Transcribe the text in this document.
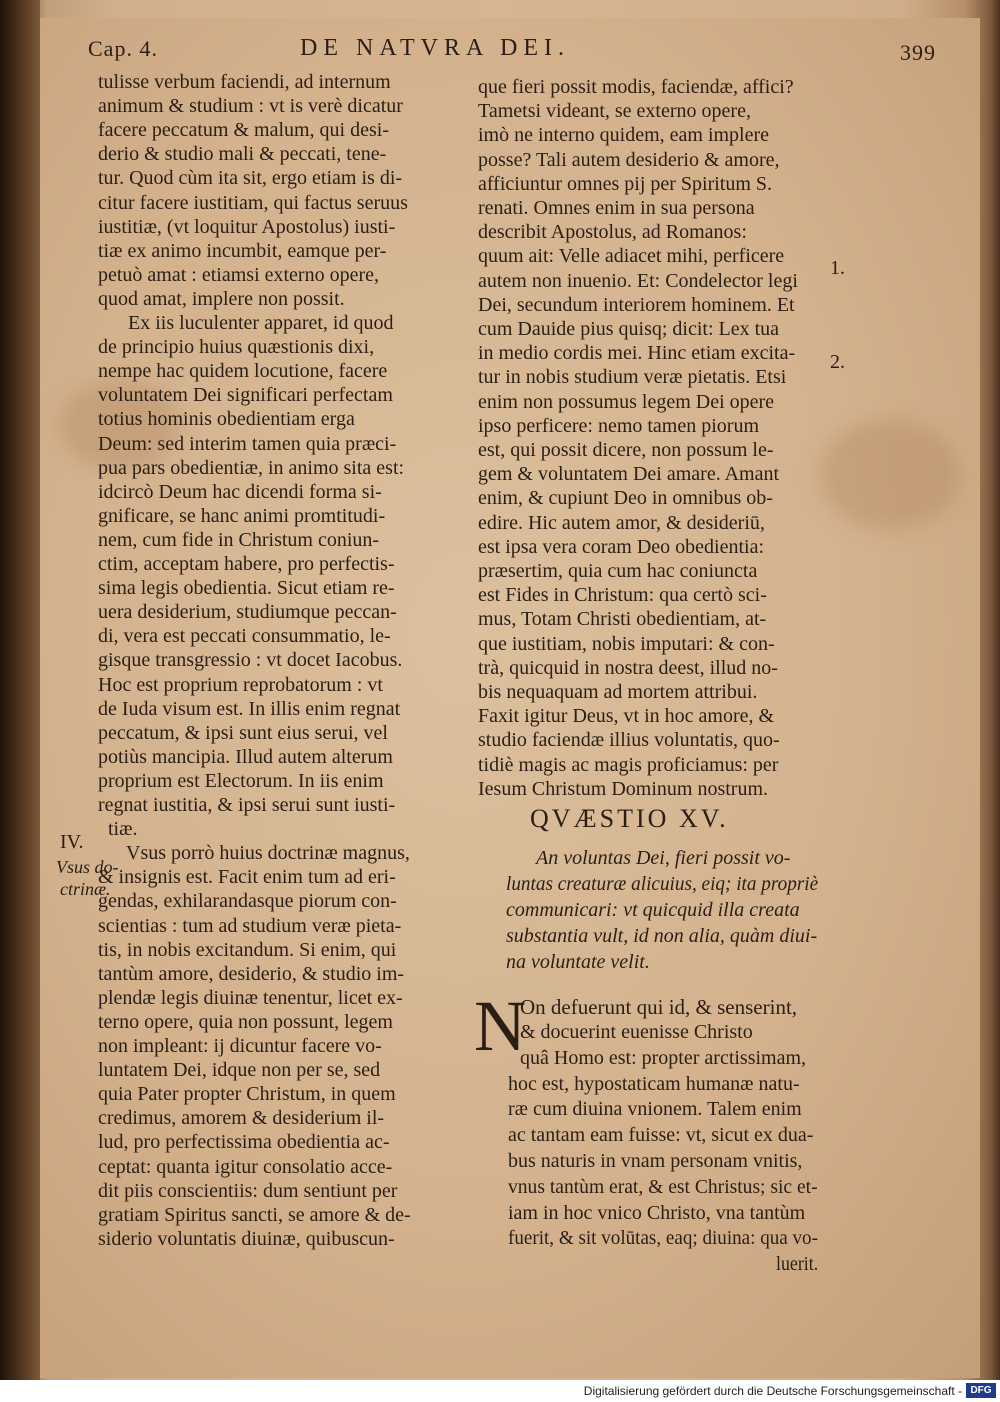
Cap. 4.	DE NATVRA DEI.	399
tulisse verbum faciendi, ad internum
animum & studium : vt is verè dicatur
facere peccatum & malum, qui desi-
derio & studio mali & peccati, tene-
tur. Quod cùm ita sit, ergo etiam is di-
citur facere iustitiam, qui factus seruus
iustitiæ, (vt loquitur Apostolus) iusti-
tiæ ex animo incumbit, eamque per-
petuò amat : etiamsi externo opere,
quod amat, implere non possit.
Ex iis luculenter apparet, id quod
de principio huius quæstionis dixi,
nempe hac quidem locutione, facere
voluntatem Dei significari perfectam
totius hominis obedientiam erga
Deum: sed interim tamen quia præci-
pua pars obedientiæ, in animo sita est:
idcircò Deum hac dicendi forma si-
gnificare, se hanc animi promtitudi-
nem, cum fide in Christum coniun-
ctim, acceptam habere, pro perfectis-
sima legis obedientia. Sicut etiam re-
uera desiderium, studiumque peccan-
di, vera est peccati consummatio, le-
gisque transgressio : vt docet Iacobus.
Hoc est proprium reprobatorum : vt
de Iuda visum est. In illis enim regnat
peccatum, & ipsi sunt eius serui, vel
potiùs mancipia. Illud autem alterum
proprium est Electorum. In iis enim
regnat iustitia, & ipsi serui sunt iusti-
tiæ.
Vsus porrò huius doctrinæ magnus,
& insignis est. Facit enim tum ad eri-
gendas, exhilarandasque piorum con-
scientias : tum ad studium veræ pieta-
tis, in nobis excitandum. Si enim, qui
tantùm amore, desiderio, & studio im-
plendæ legis diuinæ tenentur, licet ex-
terno opere, quia non possunt, legem
non impleant: ij dicuntur facere vo-
luntatem Dei, idque non per se, sed
quia Pater propter Christum, in quem
credimus, amorem & desiderium il-
lud, pro perfectissima obedientia ac-
ceptat: quanta igitur consolatio acce-
dit piis conscientiis: dum sentiunt per
gratiam Spiritus sancti, se amore & de-
siderio voluntatis diuinæ, quibuscun-
IV.
Vsus do-
ctrinæ.
que fieri possit modis, faciendæ, affici?
Tametsi videant, se externo opere,
imò ne interno quidem, eam implere
posse? Tali autem desiderio & amore,
afficiuntur omnes pij per Spiritum S.
renati. Omnes enim in sua persona
describit Apostolus, ad Romanos:
quum ait: Velle adiacet mihi, perficere
autem non inuenio. Et: Condelector legi
Dei, secundum interiorem hominem. Et
cum Dauide pius quisq; dicit: Lex tua
in medio cordis mei. Hinc etiam excita-
tur in nobis studium veræ pietatis. Etsi
enim non possumus legem Dei opere
ipso perficere: nemo tamen piorum
est, qui possit dicere, non possum le-
gem & voluntatem Dei amare. Amant
enim, & cupiunt Deo in omnibus ob-
edire. Hic autem amor, & desideriū,
est ipsa vera coram Deo obedientia:
præsertim, quia cum hac coniuncta
est Fides in Christum: qua certò sci-
mus, Totam Christi obedientiam, at-
que iustitiam, nobis imputari: & con-
trà, quicquid in nostra deest, illud no-
bis nequaquam ad mortem attribui.
Faxit igitur Deus, vt in hoc amore, &
studio faciendæ illius voluntatis, quo-
tidiè magis ac magis proficiamus: per
Iesum Christum Dominum nostrum.
1.
2.
QVÆSTIO XV.
An voluntas Dei, fieri possit vo-
luntas creaturæ alicuius, eiq; ita propriè
communicari: vt quicquid illa creata
substantia vult, id non alia, quàm diui-
na voluntate velit.
N
On defuerunt qui id, & senserint,
& docuerint euenisse Christo
quâ Homo est: propter arctissimam,
hoc est, hypostaticam humanæ natu-
ræ cum diuina vnionem. Talem enim
ac tantam eam fuisse: vt, sicut ex dua-
bus naturis in vnam personam vnitis,
vnus tantùm erat, & est Christus; sic et-
iam in hoc vnico Christo, vna tantùm
fuerit, & sit volūtas, eaq; diuina: qua vo-
luerit.
Digitalisierung gefördert durch die Deutsche Forschungsgemeinschaft - DFG
